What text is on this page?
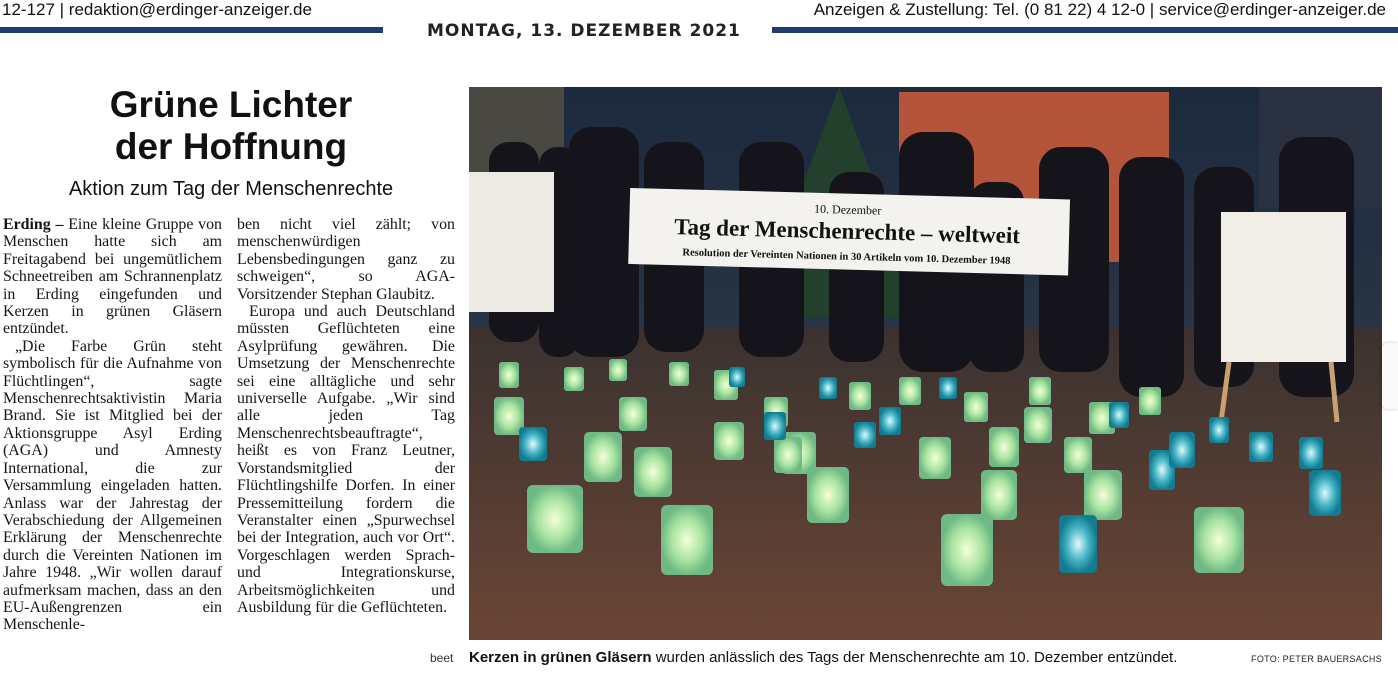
12-127 | redaktion@erdinger-anzeiger.de	Anzeigen & Zustellung: Tel. (0 81 22) 4 12-0 | service@erdinger-anzeiger.de
MONTAG, 13. DEZEMBER 2021
Grüne Lichter
der Hoffnung
Aktion zum Tag der Menschenrechte

Erding – Eine kleine Gruppe von Menschen hatte sich am Freitagabend bei ungemütlichem Schneetreiben am Schrannenplatz in Erding eingefunden und Kerzen in grünen Gläsern entzündet.

„Die Farbe Grün steht symbolisch für die Aufnahme von Flüchtlingen“, sagte Menschenrechtsaktivistin Maria Brand. Sie ist Mitglied bei der Aktionsgruppe Asyl Erding (AGA) und Amnesty International, die zur Versammlung eingeladen hatten. Anlass war der Jahrestag der Verabschiedung der Allgemeinen Erklärung der Menschenrechte durch die Vereinten Nationen im Jahre 1948. „Wir wollen darauf aufmerksam machen, dass an den EU-Außengrenzen ein Menschenle-

ben nicht viel zählt; von menschenwürdigen Lebensbedingungen ganz zu schweigen“, so AGA-Vorsitzender Stephan Glaubitz.

Europa und auch Deutschland müssten Geflüchteten eine Asylprüfung gewähren. Die Umsetzung der Menschenrechte sei eine alltägliche und sehr universelle Aufgabe. „Wir sind alle jeden Tag Menschenrechtsbeauftragte“, heißt es von Franz Leutner, Vorstandsmitglied der Flüchtlingshilfe Dorfen. In einer Pressemitteilung fordern die Veranstalter einen „Spurwechsel bei der Integration, auch vor Ort“. Vorgeschlagen werden Sprach- und Integrationskurse, Arbeitsmöglichkeiten und Ausbildung für die Geflüchteten.

beet
10. Dezember
Tag der Menschenrechte – weltweit
Resolution der Vereinten Nationen in 30 Artikeln vom 10. Dezember 1948
Kerzen in grünen Gläsern wurden anlässlich des Tags der Menschenrechte am 10. Dezember entzündet.	FOTO: PETER BAUERSACHS
